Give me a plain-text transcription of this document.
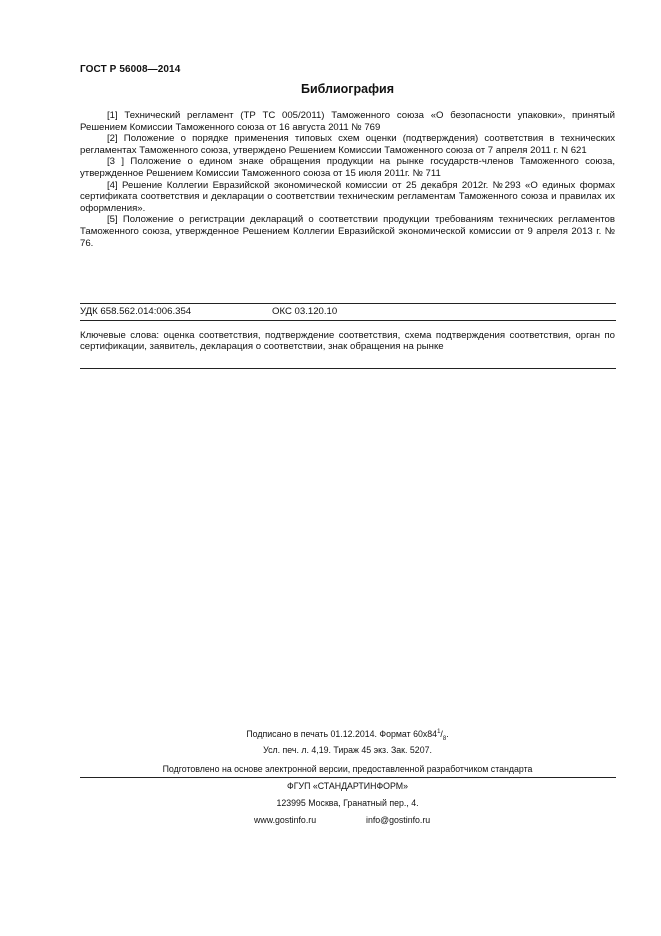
ГОСТ Р 56008—2014
Библиография

[1] Технический регламент (ТР ТС 005/2011) Таможенного союза «О безопасности упаковки», принятый Решением Комиссии Таможенного союза от 16 августа 2011 № 769

[2] Положение о порядке применения типовых схем оценки (подтверждения) соответствия в технических регламентах Таможенного союза, утверждено Решением Комиссии Таможенного союза от 7 апреля 2011 г. N 621

[3 ] Положение о едином знаке обращения продукции на рынке государств-членов Таможенного союза, утвержденное Решением Комиссии Таможенного союза от 15 июля 2011г. № 711

[4] Решение Коллегии Евразийской экономической комиссии от 25 декабря 2012г. №293 «О единых формах сертификата соответствия и декларации о соответствии техническим регламентам Таможенного союза и правилах их оформления».

[5] Положение о регистрации деклараций о соответствии продукции требованиям технических регламентов Таможенного союза, утвержденное Решением Коллегии Евразийской экономической комиссии от 9 апреля 2013 г. № 76.

УДК 658.562.014:006.354	ОКС 03.120.10
Ключевые слова: оценка соответствия, подтверждение соответствия, схема подтверждения соответствия, орган по сертификации, заявитель, декларация о соответствии, знак обращения на рынке
Подписано в печать 01.12.2014. Формат $60х84^1/_8$.
Усл. печ. л. 4,19. Тираж 45 экз. Зак. 5207.
Подготовлено на основе электронной версии, предоставленной разработчиком стандарта
ФГУП «СТАНДАРТИНФОРМ»
123995 Москва, Гранатный пер., 4.
www.gostinfo.ru	info@gostinfo.ru
